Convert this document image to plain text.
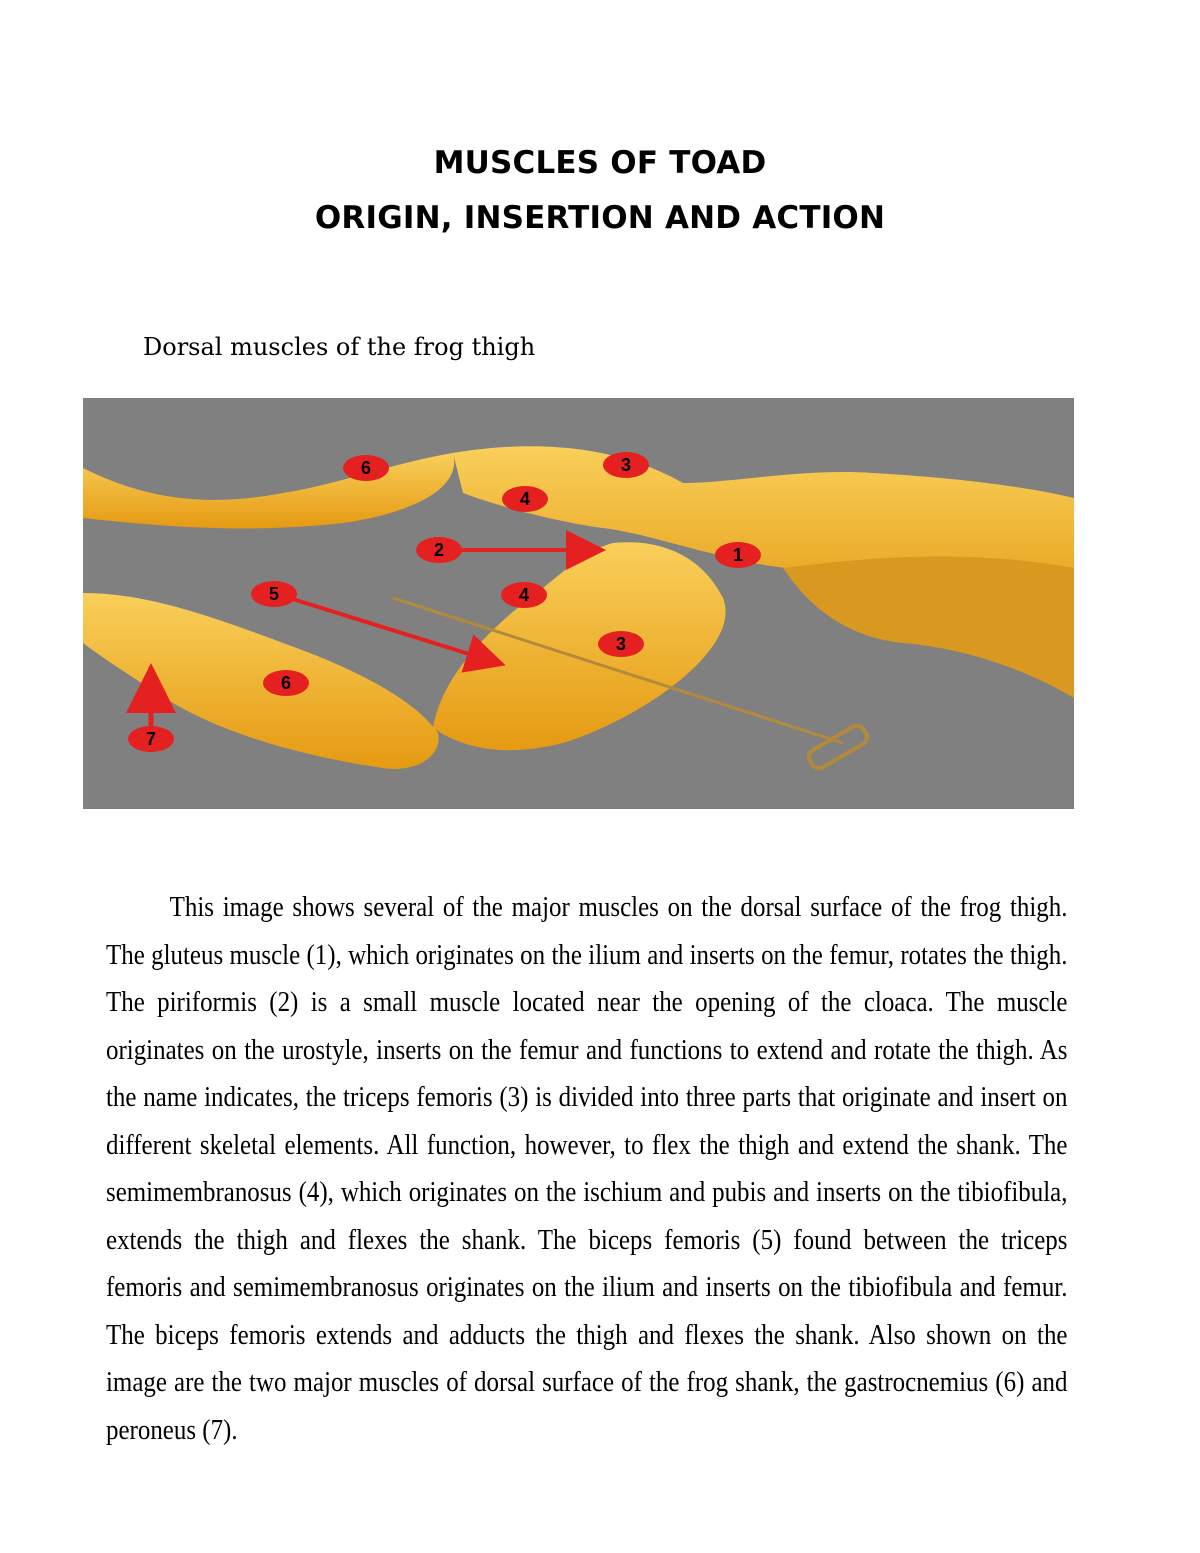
MUSCLES OF TOAD
ORIGIN, INSERTION AND ACTION
Dorsal muscles of the frog thigh
6	3
4
2	1
5	4
3
6
7

This image shows several of the major muscles on the dorsal surface of the frog thigh. The gluteus muscle (1), which originates on the ilium and inserts on the femur, rotates the thigh. The piriformis (2) is a small muscle located near the opening of the cloaca. The muscle originates on the urostyle, inserts on the femur and functions to extend and rotate the thigh. As the name indicates, the triceps femoris (3) is divided into three parts that originate and insert on different skeletal elements. All function, however, to flex the thigh and extend the shank. The semimembranosus (4), which originates on the ischium and pubis and inserts on the tibiofibula, extends the thigh and flexes the shank. The biceps femoris (5) found between the triceps femoris and semimembranosus originates on the ilium and inserts on the tibiofibula and femur. The biceps femoris extends and adducts the thigh and flexes the shank. Also shown on the image are the two major muscles of dorsal surface of the frog shank, the gastrocnemius (6) and peroneus (7).
